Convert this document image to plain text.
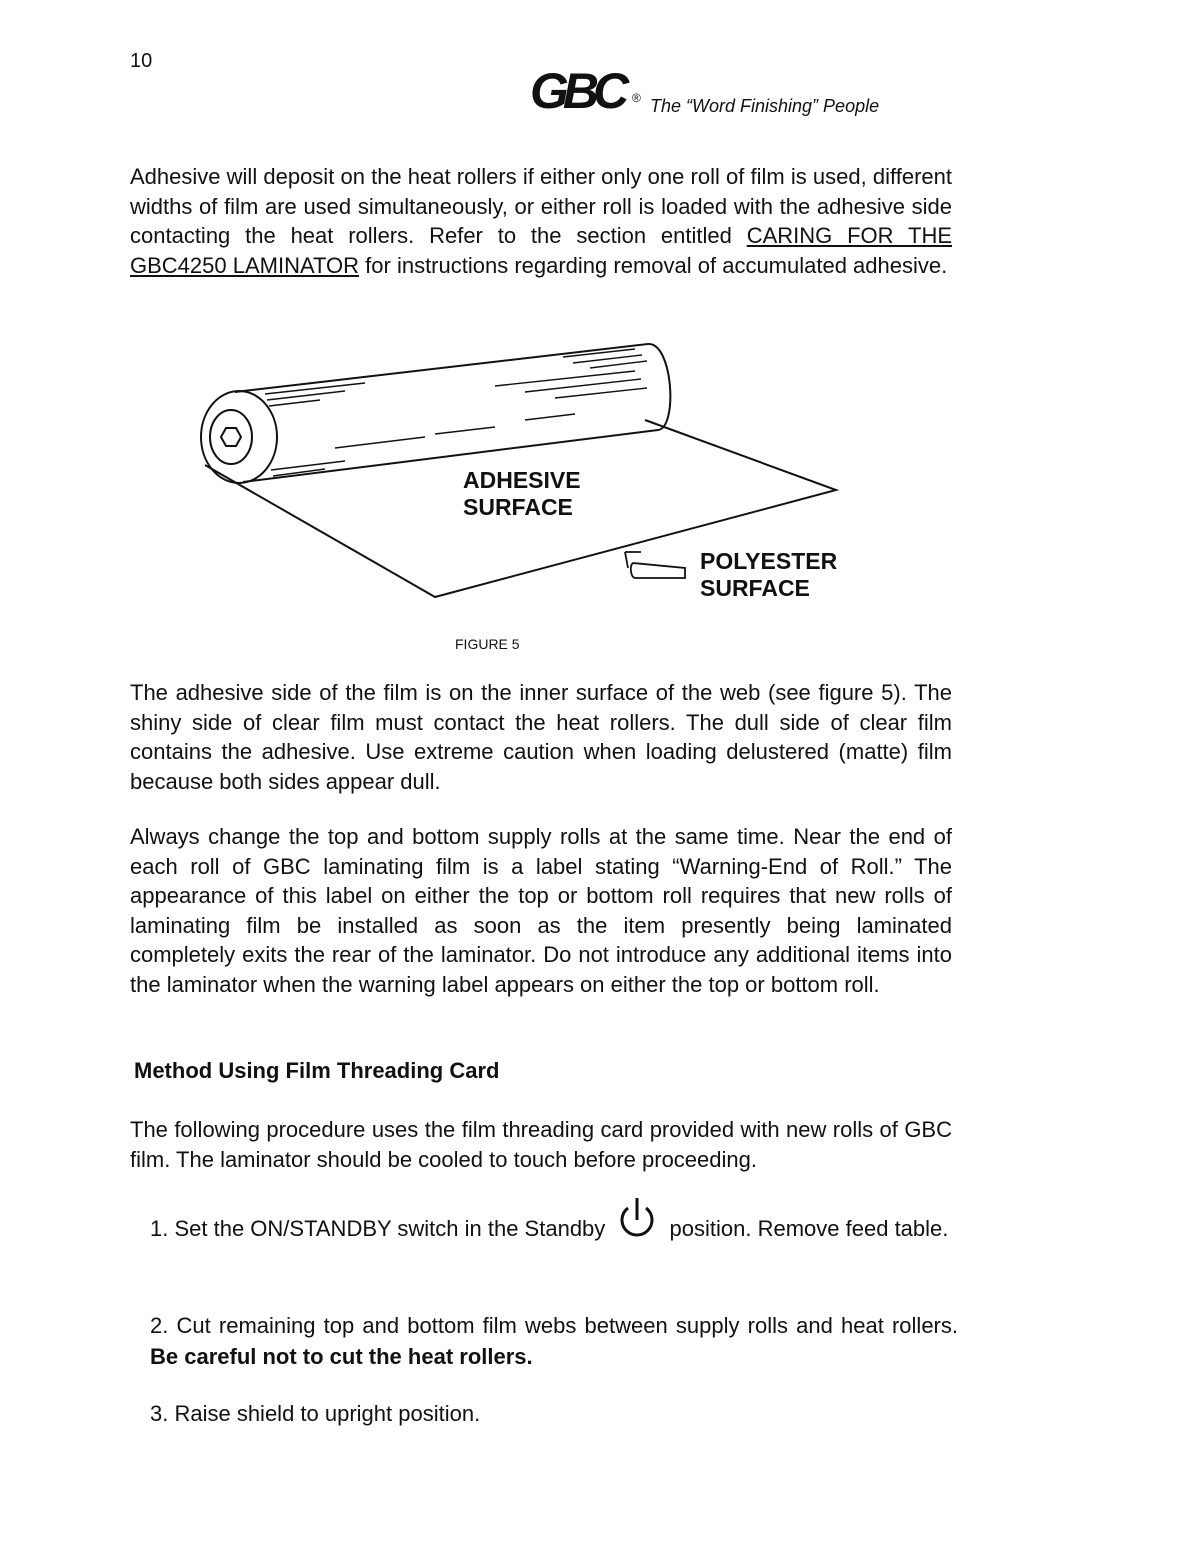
10
GBC ® The “Word Finishing” People

Adhesive will deposit on the heat rollers if either only one roll of film is used, different widths of film are used simultaneously, or either roll is loaded with the adhesive side contacting the heat rollers. Refer to the section entitled CARING FOR THE GBC4250 LAMINATOR for instructions regarding removal of accumulated adhesive.

ADHESIVE
SURFACE
POLYESTER
SURFACE
FIGURE 5

The adhesive side of the film is on the inner surface of the web (see figure 5). The shiny side of clear film must contact the heat rollers. The dull side of clear film contains the adhesive. Use extreme caution when loading delustered (matte) film because both sides appear dull.

Always change the top and bottom supply rolls at the same time. Near the end of each roll of GBC laminating film is a label stating “Warning-End of Roll.” The appearance of this label on either the top or bottom roll requires that new rolls of laminating film be installed as soon as the item presently being laminated completely exits the rear of the laminator. Do not introduce any additional items into the laminator when the warning label appears on either the top or bottom roll.

Method Using Film Threading Card

The following procedure uses the film threading card provided with new rolls of GBC film. The laminator should be cooled to touch before proceeding.

1. Set the ON/STANDBY switch in the Standby	position. Remove feed table.

2. Cut remaining top and bottom film webs between supply rolls and heat rollers. Be careful not to cut the heat rollers.

3. Raise shield to upright position.
